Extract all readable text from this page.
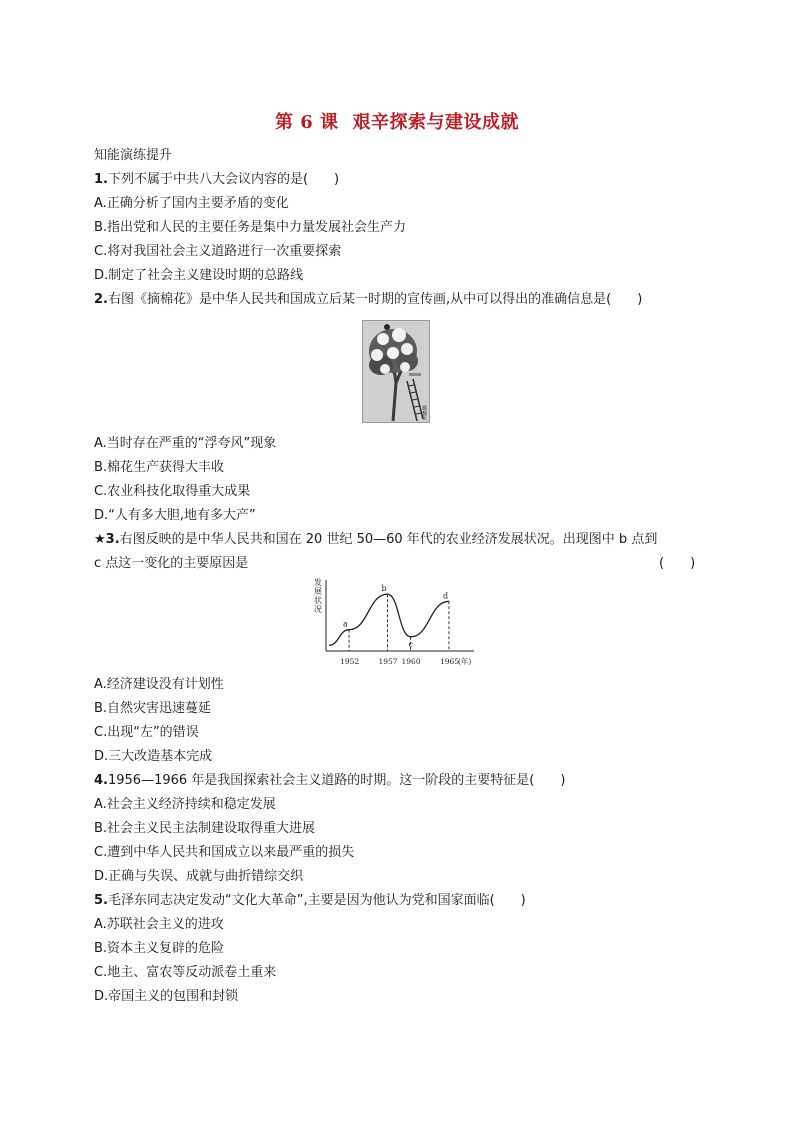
第 6 课 艰辛探索与建设成就
知能演练提升
1.下列不属于中共八大会议内容的是(　　)
A.正确分析了国内主要矛盾的变化
B.指出党和人民的主要任务是集中力量发展社会生产力
C.将对我国社会主义道路进行一次重要探索
D.制定了社会主义建设时期的总路线
2.右图《摘棉花》是中华人民共和国成立后某一时期的宣传画,从中可以得出的准确信息是(　　)
摘棉花
A.当时存在严重的“浮夸风”现象
B.棉花生产获得大丰收
C.农业科技化取得重大成果
D.“人有多大胆,地有多大产”
★3.右图反映的是中华人民共和国在 20 世纪 50—60 年代的农业经济发展状况。出现图中 b 点到
c 点这一变化的主要原因是	(　　)
发
展
状
况
a
1952
b
1957
c
1960
d
1965
(年)
A.经济建设没有计划性
B.自然灾害迅速蔓延
C.出现“左”的错误
D.三大改造基本完成
4.1956—1966 年是我国探索社会主义道路的时期。这一阶段的主要特征是(　　)
A.社会主义经济持续和稳定发展
B.社会主义民主法制建设取得重大进展
C.遭到中华人民共和国成立以来最严重的损失
D.正确与失误、成就与曲折错综交织
5.毛泽东同志决定发动“文化大革命”,主要是因为他认为党和国家面临(　　)
A.苏联社会主义的进攻
B.资本主义复辟的危险
C.地主、富农等反动派卷土重来
D.帝国主义的包围和封锁
